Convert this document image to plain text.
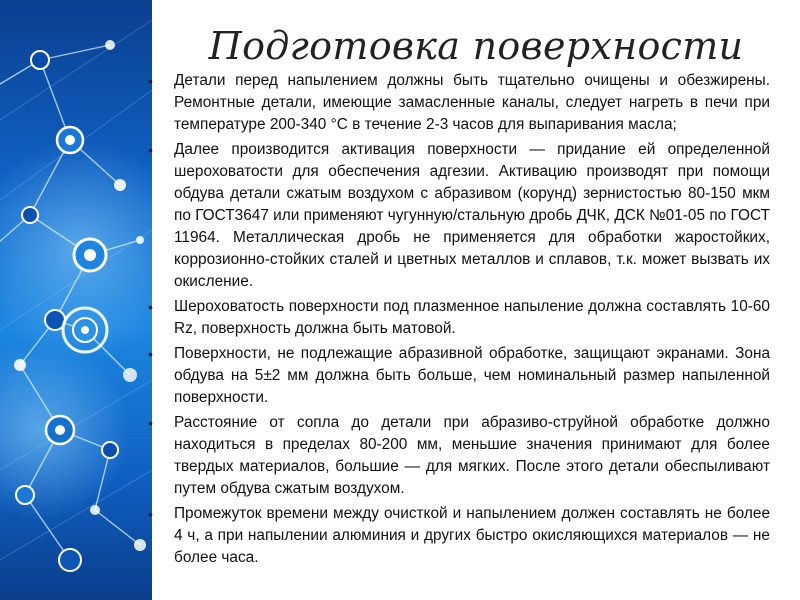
Подготовка поверхности
• Детали перед напылением должны быть тщательно очищены и обезжирены. Ремонтные детали, имеющие замасленные каналы, следует нагреть в печи при температуре 200-340 °С в течение 2-3 часов для выпаривания масла;
• Далее производится активация поверхности — придание ей определенной шероховатости для обеспечения адгезии. Активацию производят при помощи обдува детали сжатым воздухом с абразивом (корунд) зернистостью 80-150 мкм по ГОСТ3647 или применяют чугунную/стальную дробь ДЧК, ДСК №01-05 по ГОСТ 11964. Металлическая дробь не применяется для обработки жаростойких, коррозионно-стойких сталей и цветных металлов и сплавов, т.к. может вызвать их окисление.
• Шероховатость поверхности под плазменное напыление должна составлять 10-60 Rz, поверхность должна быть матовой.
• Поверхности, не подлежащие абразивной обработке, защищают экранами. Зона обдува на 5±2 мм должна быть больше, чем номинальный размер напыленной поверхности.
• Расстояние от сопла до детали при абразиво-струйной обработке должно находиться в пределах 80-200 мм, меньшие значения принимают для более твердых материалов, большие — для мягких. После этого детали обеспыливают путем обдува сжатым воздухом.
• Промежуток времени между очисткой и напылением должен составлять не более 4 ч, а при напылении алюминия и других быстро окисляющихся материалов — не более часа.
